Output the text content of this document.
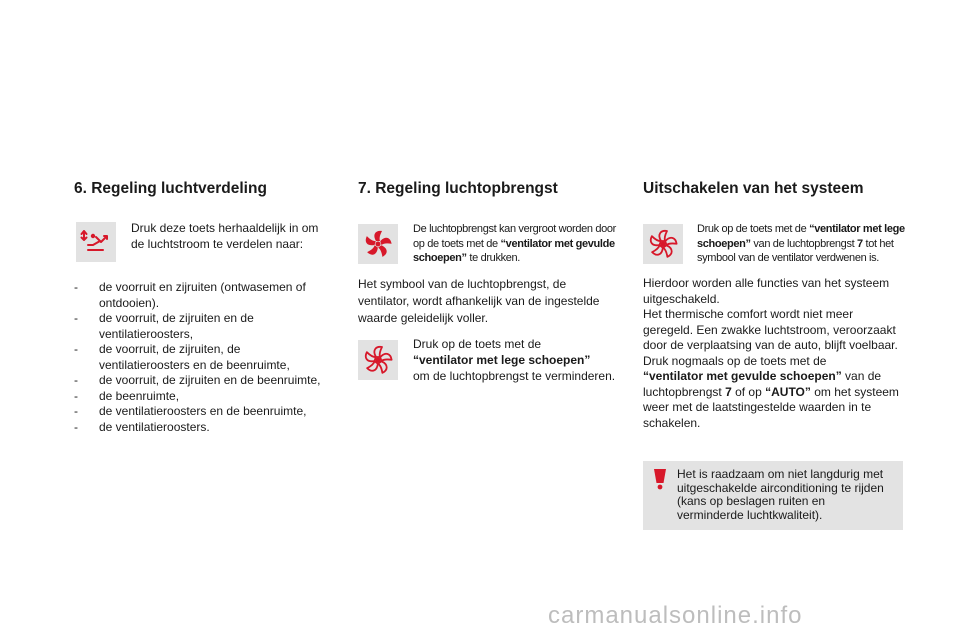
6. Regeling luchtverdeling
Druk deze toets herhaaldelijk in om de luchtstroom te verdelen naar:
- de voorruit en zijruiten (ontwasemen of ontdooien).
- de voorruit, de zijruiten en de ventilatieroosters,
- de voorruit, de zijruiten, de ventilatieroosters en de beenruimte,
- de voorruit, de zijruiten en de beenruimte,
- de beenruimte,
- de ventilatieroosters en de beenruimte,
- de ventilatieroosters.
7. Regeling luchtopbrengst
De luchtopbrengst kan vergroot worden door op de toets met de “ventilator met gevulde schoepen” te drukken.
Het symbool van de luchtopbrengst, de ventilator, wordt afhankelijk van de ingestelde waarde geleidelijk voller.
Druk op de toets met de
“ventilator met lege schoepen”
om de luchtopbrengst te verminderen.
Uitschakelen van het systeem
Druk op de toets met de “ventilator met lege schoepen” van de luchtopbrengst 7 tot het symbool van de ventilator verdwenen is.
Hierdoor worden alle functies van het systeem uitgeschakeld.
Het thermische comfort wordt niet meer geregeld. Een zwakke luchtstroom, veroorzaakt door de verplaatsing van de auto, blijft voelbaar.
Druk nogmaals op de toets met de
“ventilator met gevulde schoepen” van de luchtopbrengst 7 of op “AUTO” om het systeem weer met de laatstingestelde waarden in te schakelen.
Het is raadzaam om niet langdurig met uitgeschakelde airconditioning te rijden (kans op beslagen ruiten en verminderde luchtkwaliteit).
carmanualsonline.info
